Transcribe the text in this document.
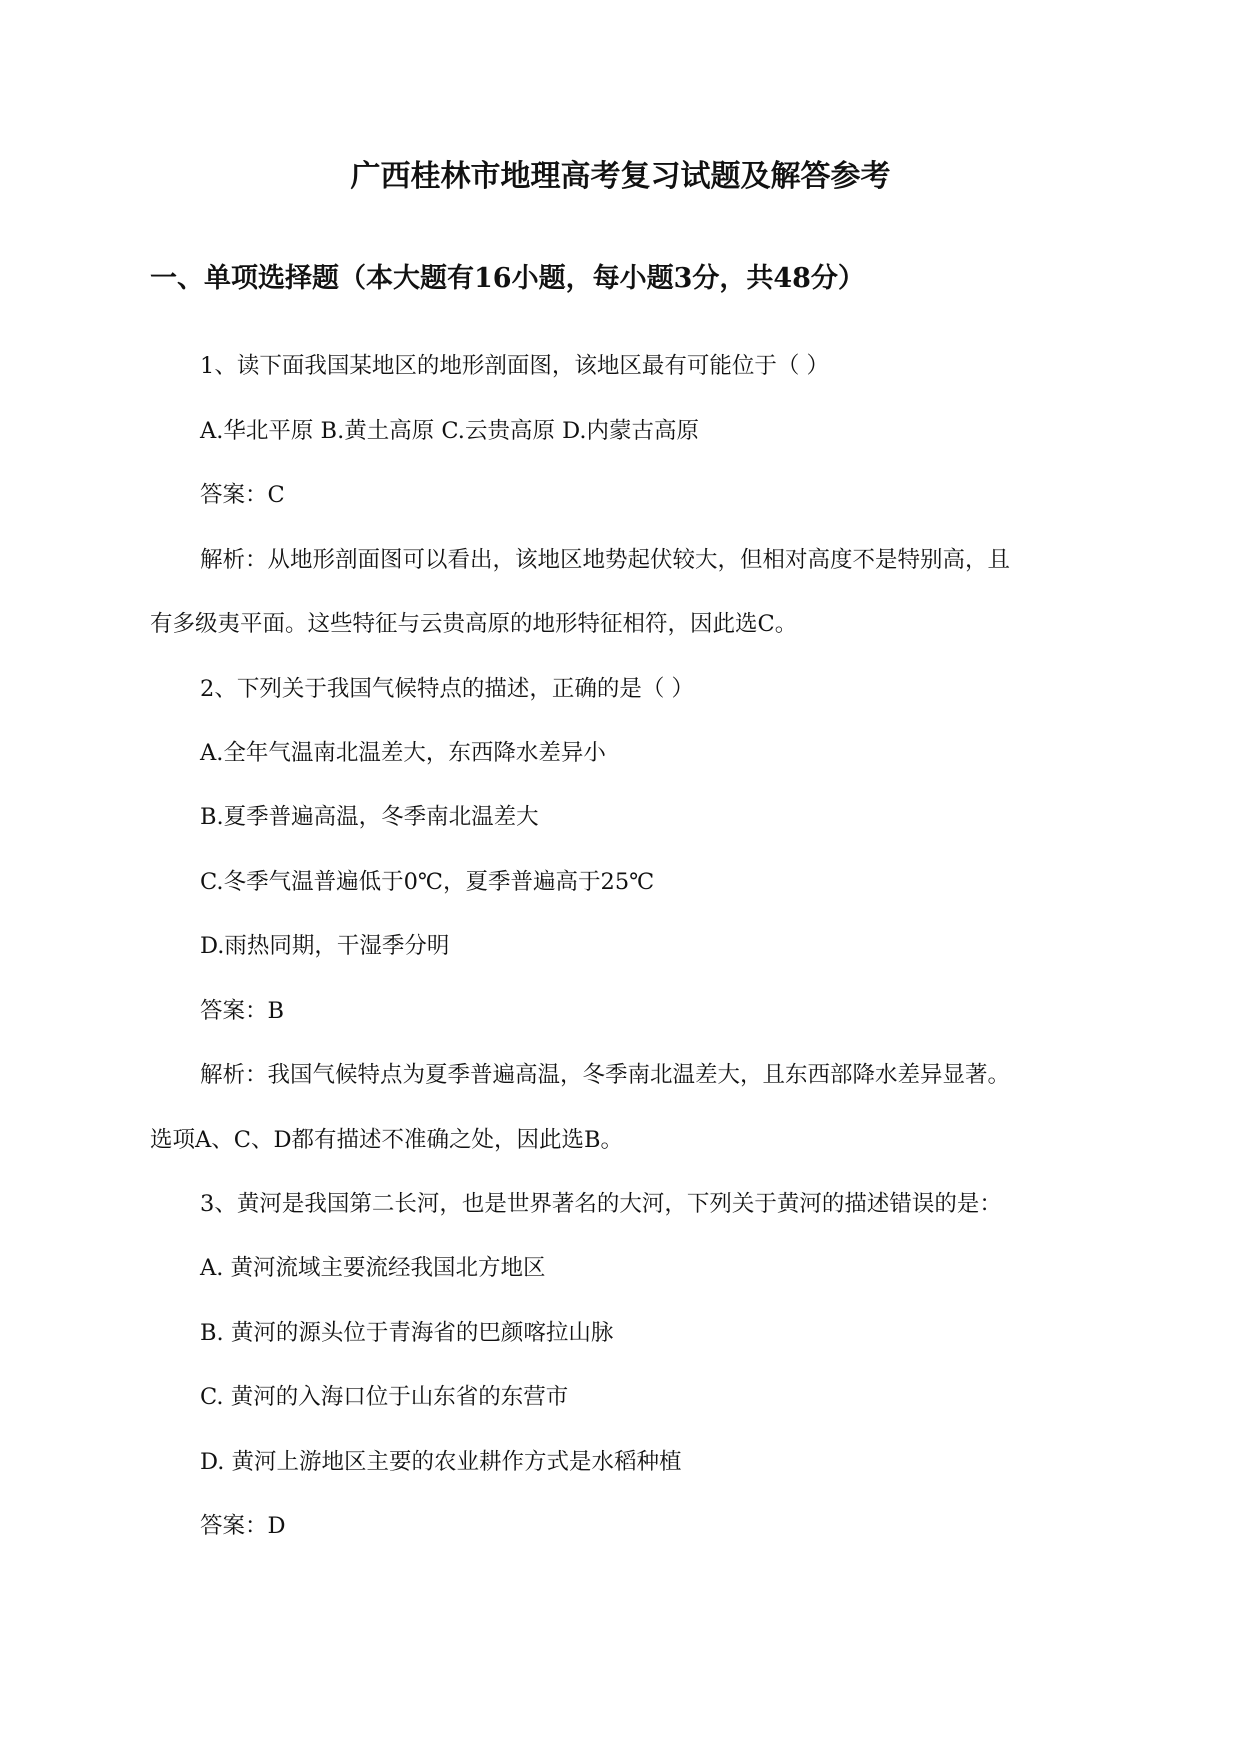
广西桂林市地理高考复习试题及解答参考
一、单项选择题（本大题有16小题，每小题3分，共48分）
1、读下面我国某地区的地形剖面图，该地区最有可能位于（ ）
A.华北平原 B.黄土高原 C.云贵高原 D.内蒙古高原
答案：C
解析：从地形剖面图可以看出，该地区地势起伏较大，但相对高度不是特别高，且
有多级夷平面。这些特征与云贵高原的地形特征相符，因此选C。
2、下列关于我国气候特点的描述，正确的是（ ）
A.全年气温南北温差大，东西降水差异小
B.夏季普遍高温，冬季南北温差大
C.冬季气温普遍低于0℃，夏季普遍高于25℃
D.雨热同期，干湿季分明
答案：B
解析：我国气候特点为夏季普遍高温，冬季南北温差大，且东西部降水差异显著。
选项A、C、D都有描述不准确之处，因此选B。
3、黄河是我国第二长河，也是世界著名的大河，下列关于黄河的描述错误的是：
A. 黄河流域主要流经我国北方地区
B. 黄河的源头位于青海省的巴颜喀拉山脉
C. 黄河的入海口位于山东省的东营市
D. 黄河上游地区主要的农业耕作方式是水稻种植
答案：D
